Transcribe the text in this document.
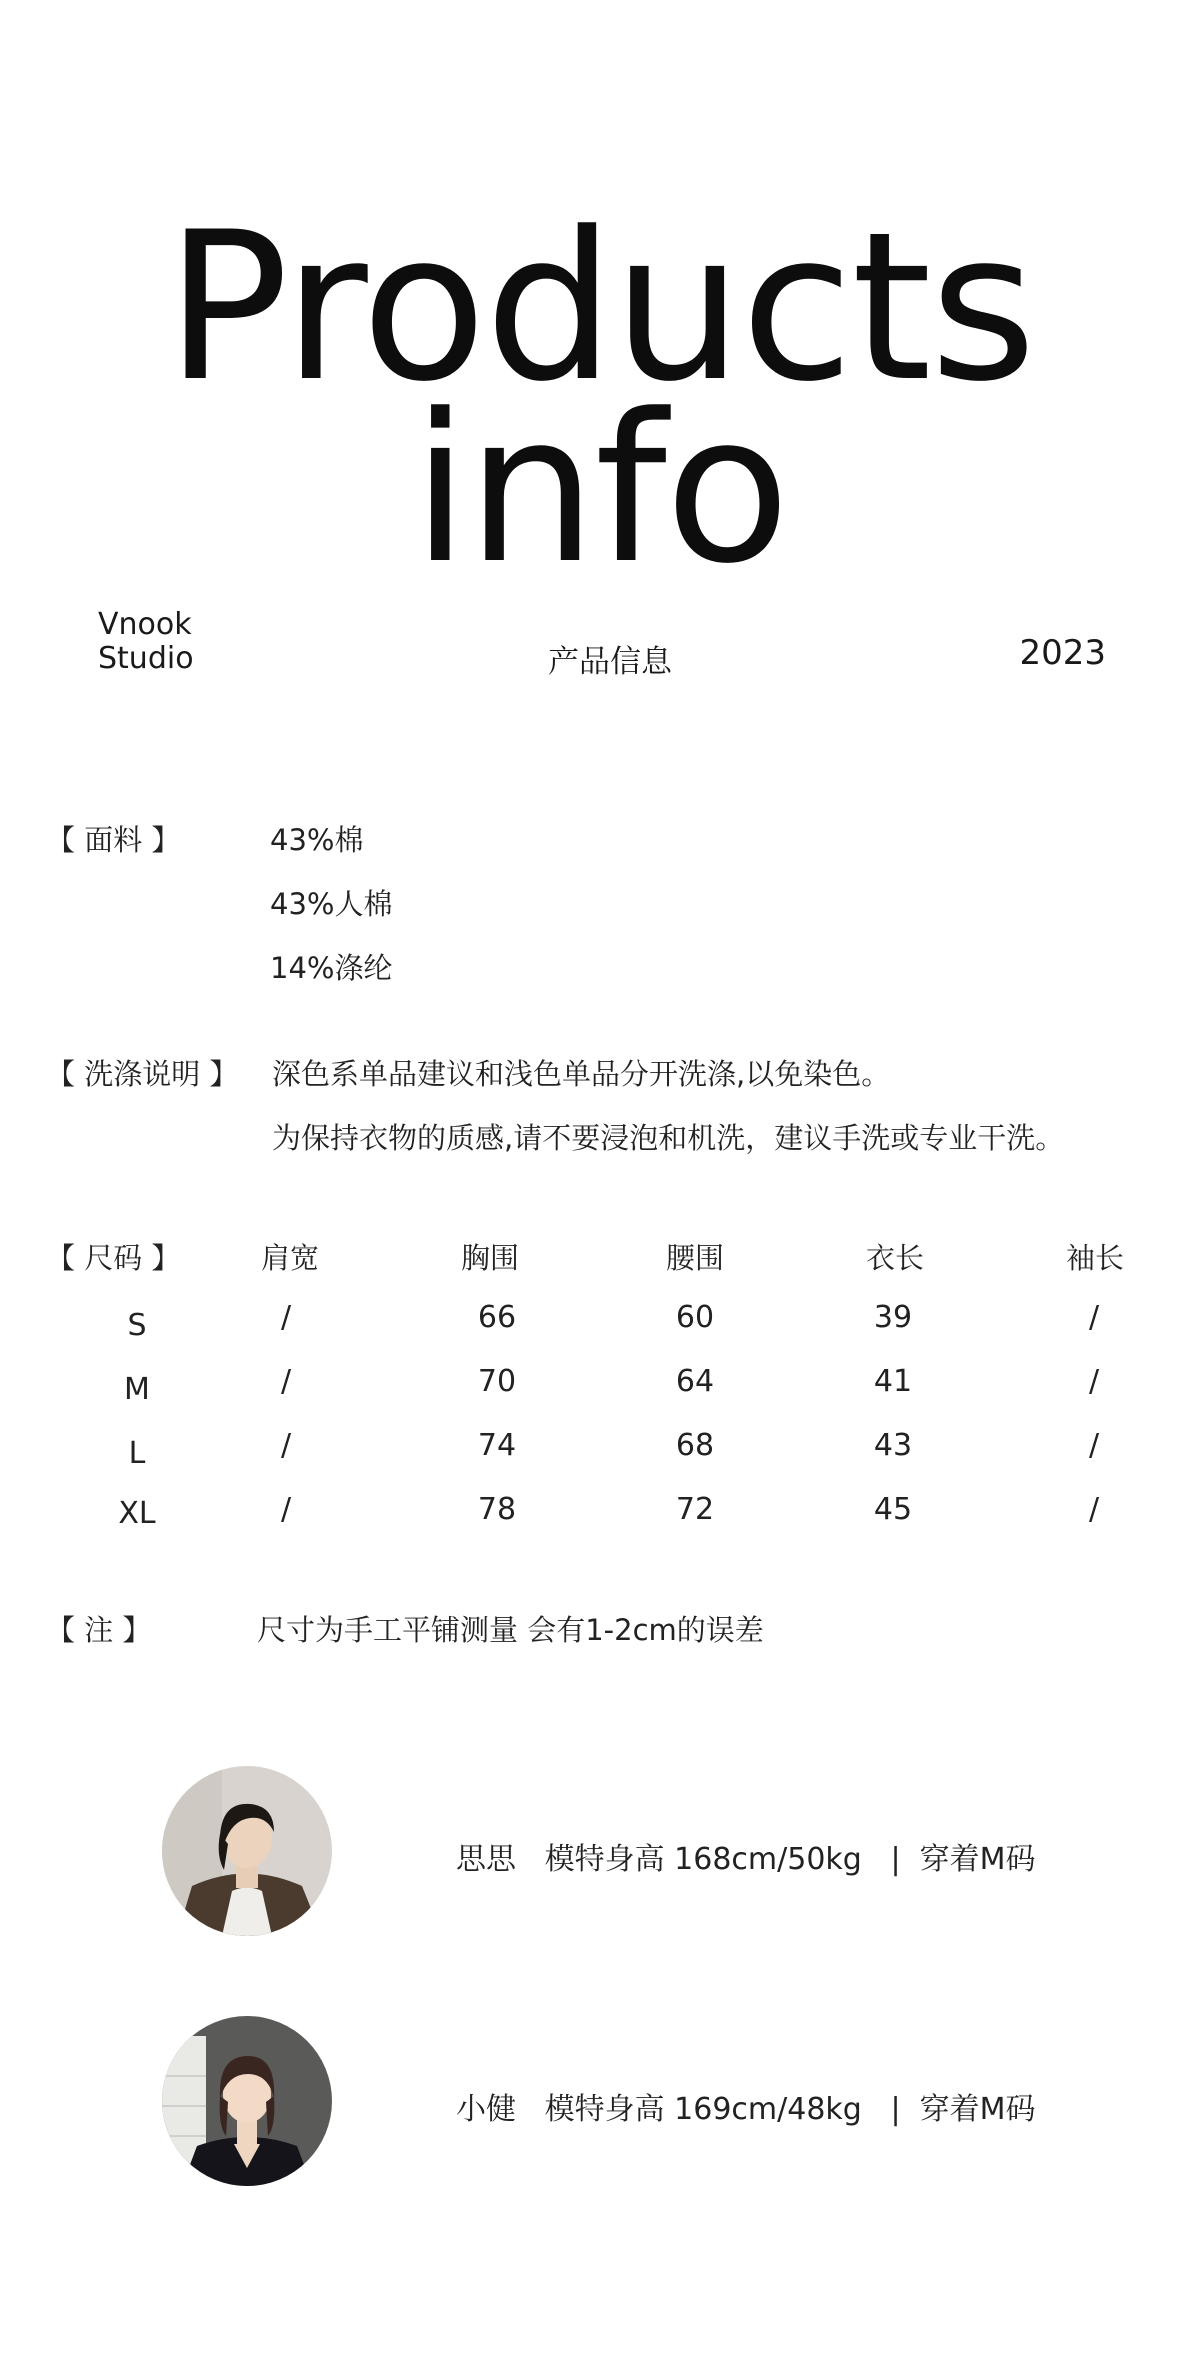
Products
info
Vnook
Studio	产品信息	2023
【 面料 】	43%棉
43%人棉
14%涤纶
【 洗涤说明 】 深色系单品建议和浅色单品分开洗涤,以免染色。
为保持衣物的质感,请不要浸泡和机洗，建议手洗或专业干洗。
【 尺码 】	肩宽	胸围	腰围	衣长	袖长
S	/	66	60	39	/
M	/	70	64	41	/
L	/	74	68	43	/
XL	/	78	72	45	/
【 注 】	尺寸为手工平铺测量 会有1-2cm的误差
思思 模特身高 168cm/50kg | 穿着M码
小健 模特身高 169cm/48kg | 穿着M码
